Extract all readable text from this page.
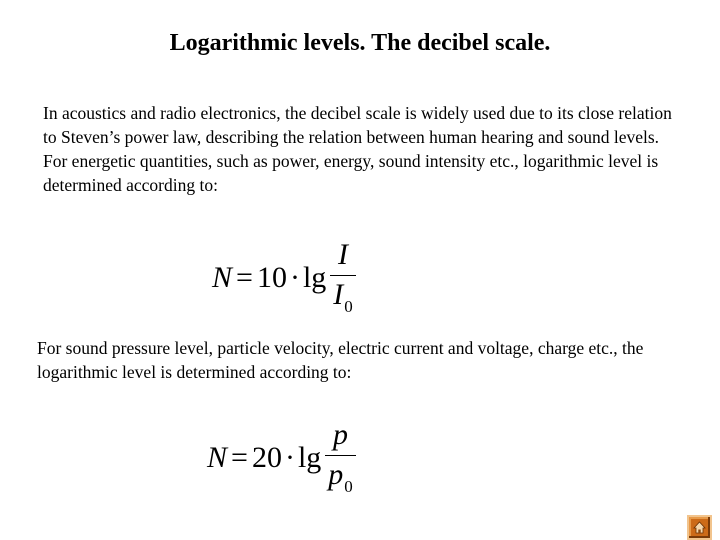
Logarithmic levels. The decibel scale.

In acoustics and radio electronics, the decibel scale is widely used due to its close relation to Steven’s power law, describing the relation between human hearing and sound levels. For energetic quantities, such as power, energy, sound intensity etc., logarithmic level is determined according to:

$N = 10 \cdot \lg \frac{I}{I_0}$

For sound pressure level, particle velocity, electric current and voltage, charge etc., the logarithmic level is determined according to:

$N = 20 \cdot \lg \frac{p}{p_0}$
